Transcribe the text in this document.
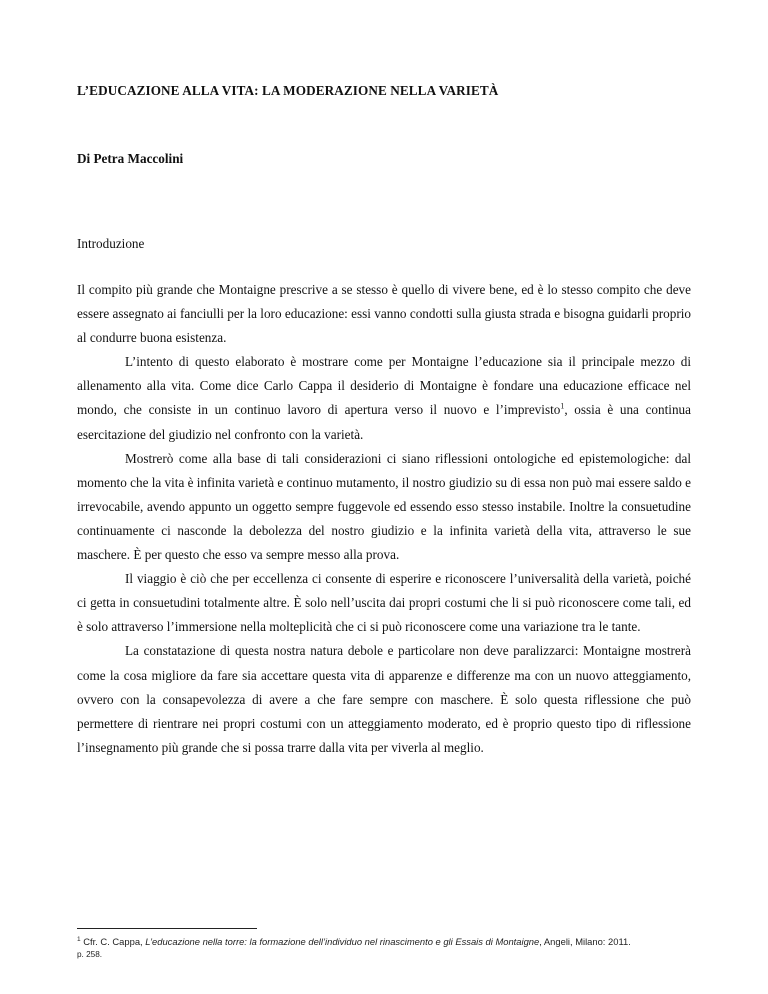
L’EDUCAZIONE ALLA VITA: LA MODERAZIONE NELLA VARIETÀ
Di Petra Maccolini
Introduzione

Il compito più grande che Montaigne prescrive a se stesso è quello di vivere bene, ed è lo stesso compito che deve essere assegnato ai fanciulli per la loro educazione: essi vanno condotti sulla giusta strada e bisogna guidarli proprio al condurre buona esistenza.

L’intento di questo elaborato è mostrare come per Montaigne l’educazione sia il principale mezzo di allenamento alla vita. Come dice Carlo Cappa il desiderio di Montaigne è fondare una educazione efficace nel mondo, che consiste in un continuo lavoro di apertura verso il nuovo e l’imprevisto$^1$, ossia è una continua esercitazione del giudizio nel confronto con la varietà.

Mostrerò come alla base di tali considerazioni ci siano riflessioni ontologiche ed epistemologiche: dal momento che la vita è infinita varietà e continuo mutamento, il nostro giudizio su di essa non può mai essere saldo e irrevocabile, avendo appunto un oggetto sempre fuggevole ed essendo esso stesso instabile. Inoltre la consuetudine continuamente ci nasconde la debolezza del nostro giudizio e la infinita varietà della vita, attraverso le sue maschere. È per questo che esso va sempre messo alla prova.

Il viaggio è ciò che per eccellenza ci consente di esperire e riconoscere l’universalità della varietà, poiché ci getta in consuetudini totalmente altre. È solo nell’uscita dai propri costumi che li si può riconoscere come tali, ed è solo attraverso l’immersione nella molteplicità che ci si può riconoscere come una variazione tra le tante.

La constatazione di questa nostra natura debole e particolare non deve paralizzarci: Montaigne mostrerà come la cosa migliore da fare sia accettare questa vita di apparenze e differenze ma con un nuovo atteggiamento, ovvero con la consapevolezza di avere a che fare sempre con maschere. È solo questa riflessione che può permettere di rientrare nei propri costumi con un atteggiamento moderato, ed è proprio questo tipo di riflessione l’insegnamento più grande che si possa trarre dalla vita per viverla al meglio.

$^1$ Cfr. C. Cappa, L’educazione nella torre: la formazione dell’individuo nel rinascimento e gli Essais di Montaigne, Angeli, Milano: 2011.
p. 258.
